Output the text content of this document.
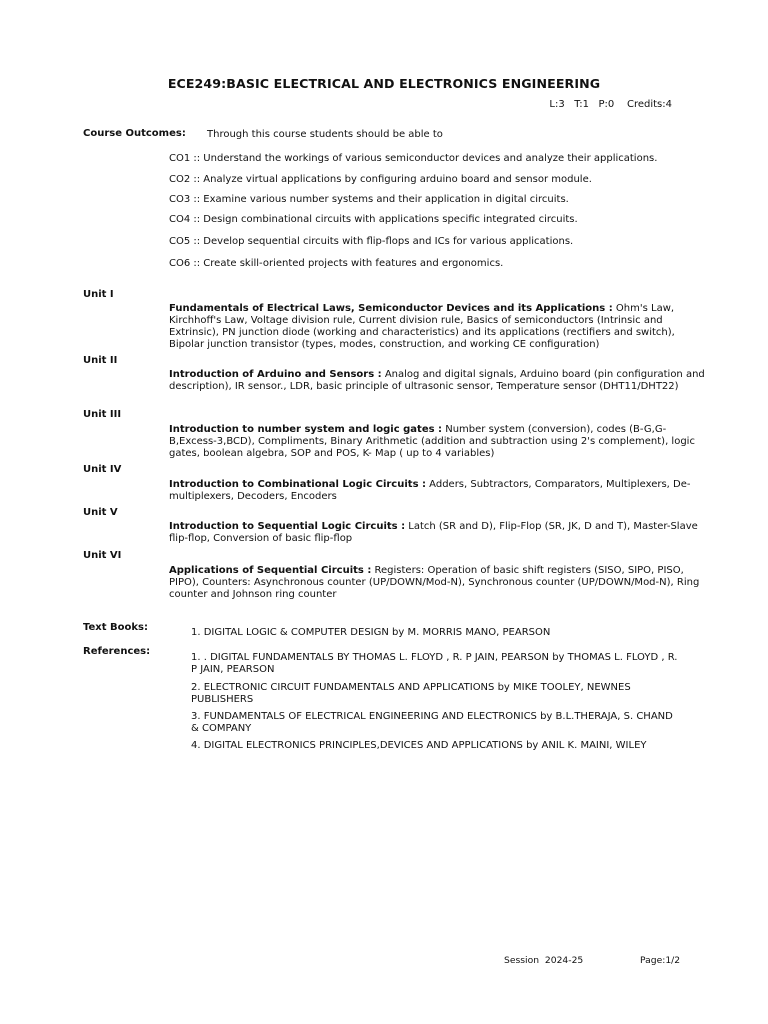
ECE249:BASIC ELECTRICAL AND ELECTRONICS ENGINEERING
L:3   T:1   P:0    Credits:4
Course Outcomes: Through this course students should be able to
CO1 :: Understand the workings of various semiconductor devices and analyze their applications.
CO2 :: Analyze virtual applications by configuring arduino board and sensor module.
CO3 :: Examine various number systems and their application in digital circuits.
CO4 :: Design combinational circuits with applications specific integrated circuits.
CO5 :: Develop sequential circuits with flip-flops and ICs for various applications.
CO6 :: Create skill-oriented projects with features and ergonomics.
Unit I
Fundamentals of Electrical Laws, Semiconductor Devices and its Applications : Ohm's Law, Kirchhoff's Law, Voltage division rule, Current division rule, Basics of semiconductors (Intrinsic and Extrinsic), PN junction diode (working and characteristics) and its applications (rectifiers and switch), Bipolar junction transistor (types, modes, construction, and working CE configuration)
Unit II
Introduction of Arduino and Sensors : Analog and digital signals, Arduino board (pin configuration and description), IR sensor., LDR, basic principle of ultrasonic sensor, Temperature sensor (DHT11/DHT22)
Unit III
Introduction to number system and logic gates : Number system (conversion), codes (B-G,G-B,Excess-3,BCD), Compliments, Binary Arithmetic (addition and subtraction using 2's complement), logic gates, boolean algebra, SOP and POS, K- Map ( up to 4 variables)
Unit IV
Introduction to Combinational Logic Circuits : Adders, Subtractors, Comparators, Multiplexers, De-multiplexers, Decoders, Encoders
Unit V
Introduction to Sequential Logic Circuits : Latch (SR and D), Flip-Flop (SR, JK, D and T), Master-Slave flip-flop, Conversion of basic flip-flop
Unit VI
Applications of Sequential Circuits : Registers: Operation of basic shift registers (SISO, SIPO, PISO, PIPO), Counters: Asynchronous counter (UP/DOWN/Mod-N), Synchronous counter (UP/DOWN/Mod-N), Ring counter and Johnson ring counter
Text Books:	1. DIGITAL LOGIC & COMPUTER DESIGN by M. MORRIS MANO, PEARSON
References:
1. . DIGITAL FUNDAMENTALS BY THOMAS L. FLOYD , R. P JAIN, PEARSON by THOMAS L. FLOYD , R. P JAIN, PEARSON
2. ELECTRONIC CIRCUIT FUNDAMENTALS AND APPLICATIONS by MIKE TOOLEY, NEWNES PUBLISHERS
3. FUNDAMENTALS OF ELECTRICAL ENGINEERING AND ELECTRONICS by B.L.THERAJA, S. CHAND & COMPANY
4. DIGITAL ELECTRONICS PRINCIPLES,DEVICES AND APPLICATIONS by ANIL K. MAINI, WILEY
Session  2024-25	Page:1/2
